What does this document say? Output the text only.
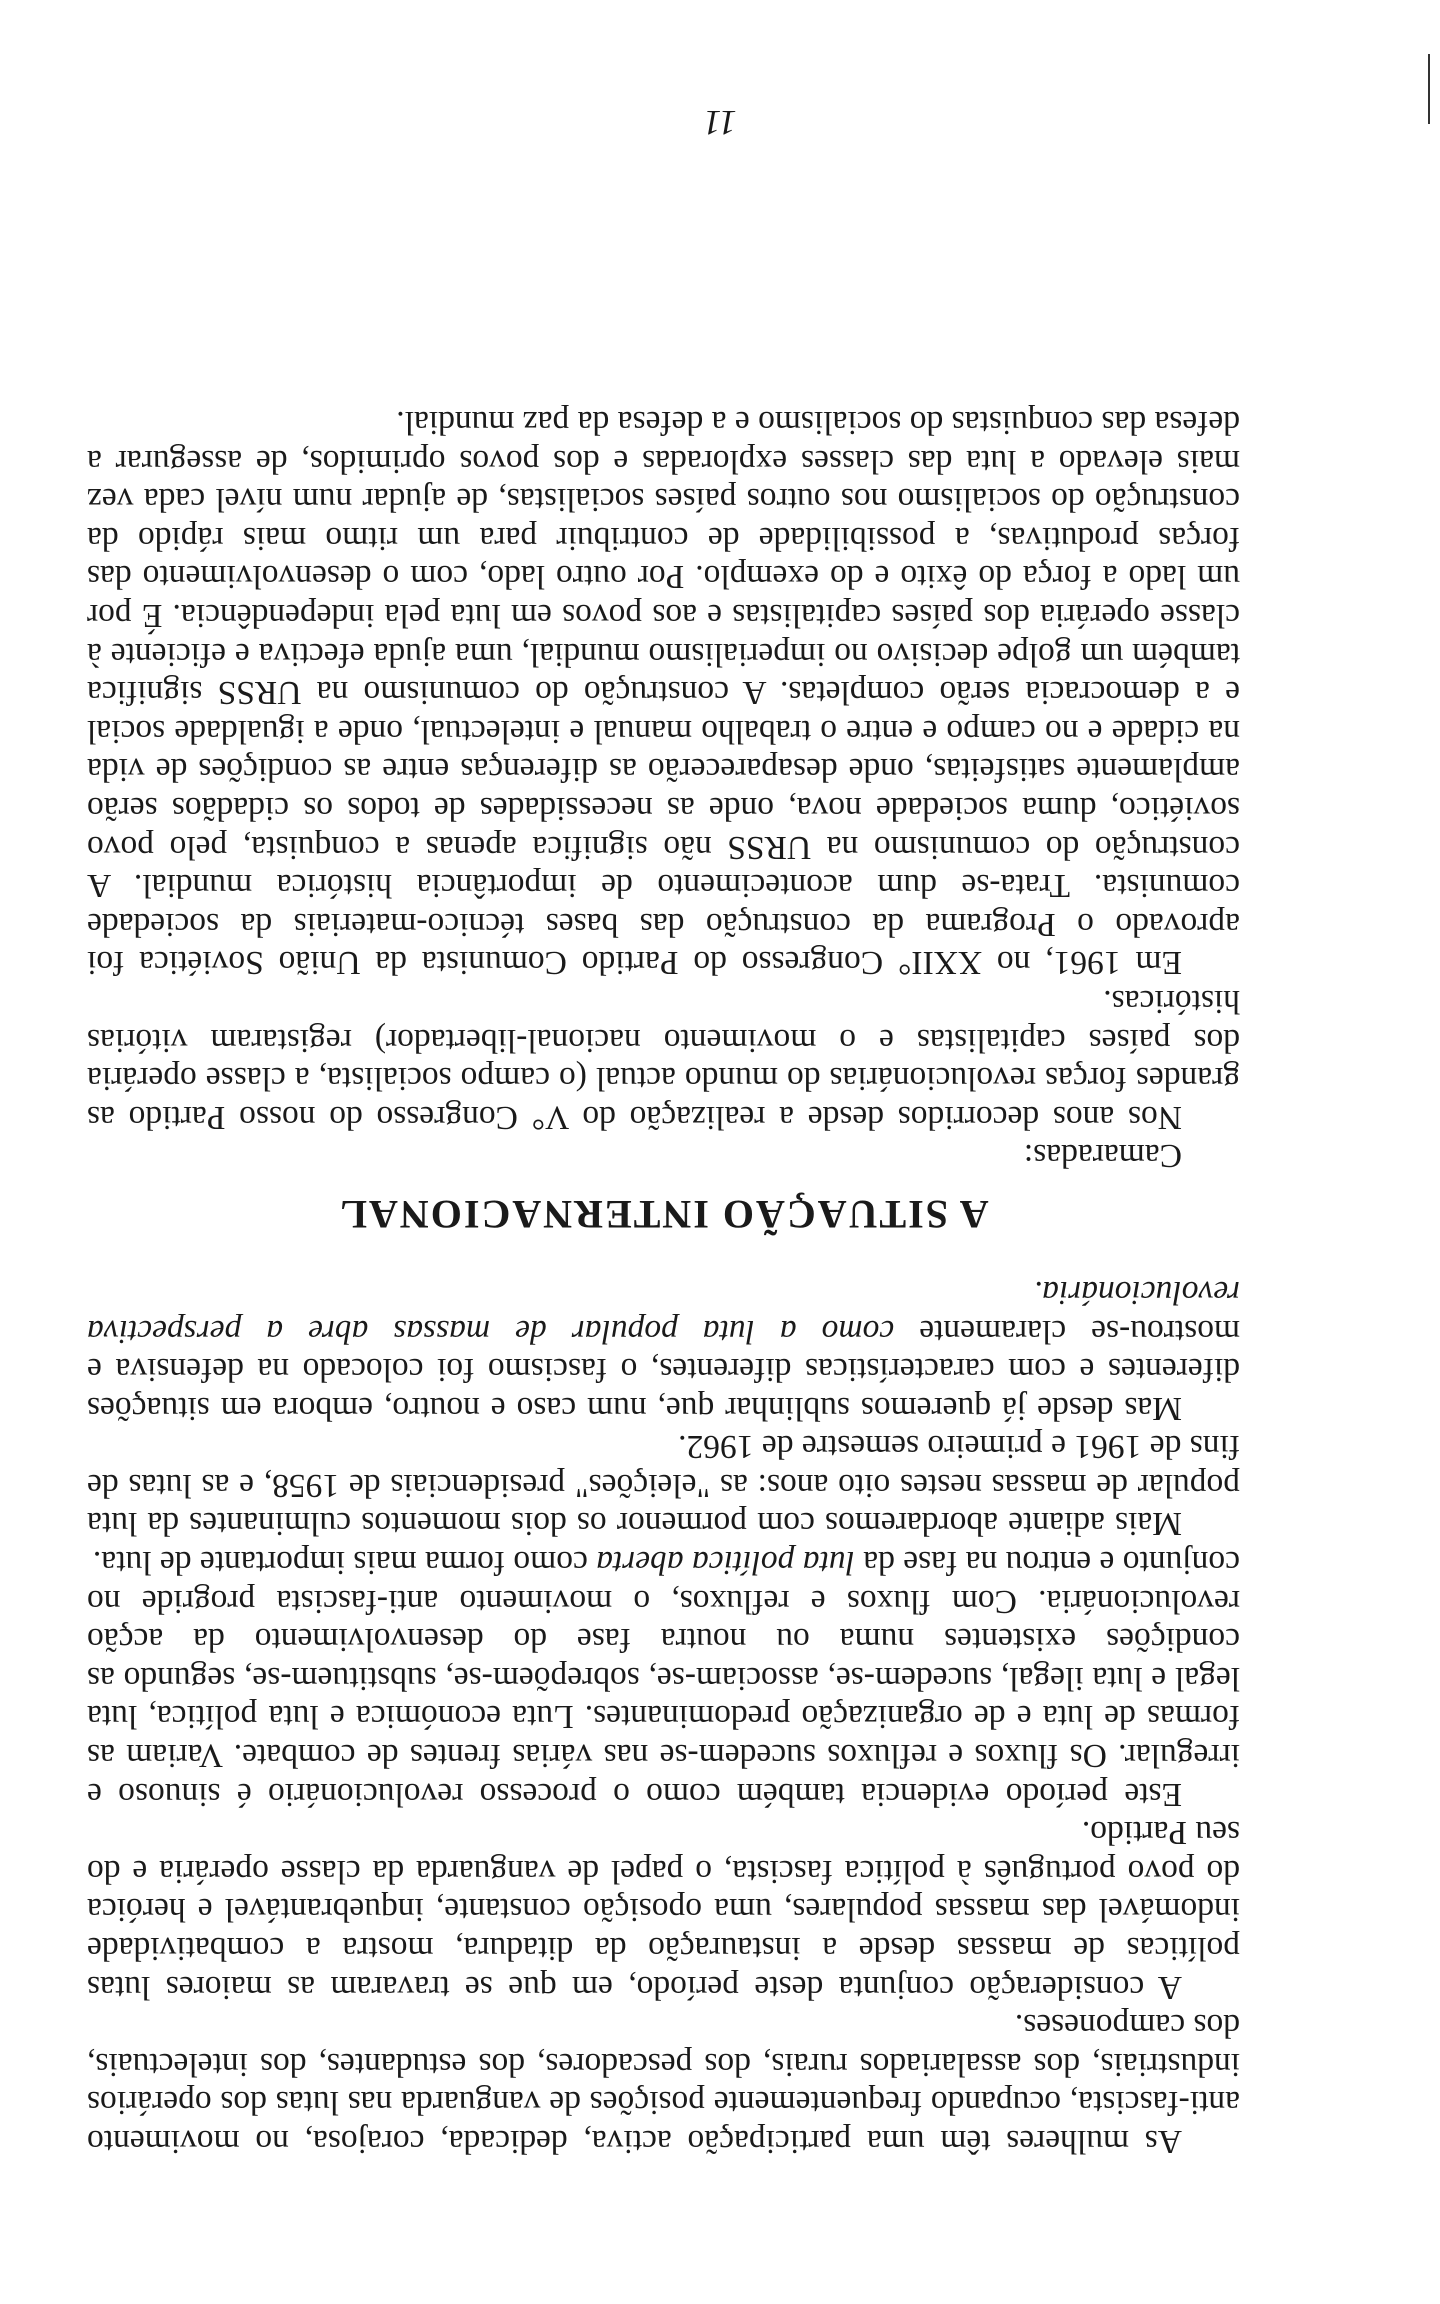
As mulheres têm uma participação activa, dedicada, corajosa, no movimento anti-fascista, ocupando frequentemente posições de vanguarda nas lutas dos operários industriais, dos assalariados rurais, dos pescadores, dos estudantes, dos intelectuais, dos camponeses.

A consideração conjunta deste período, em que se travaram as maiores lutas políticas de massas desde a instauração da ditadura, mostra a combatividade indomável das massas populares, uma oposição constante, inquebrantável e heróica do povo português à política fascista, o papel de vanguarda da classe operária e do seu Partido.

Este período evidencia também como o processo revolucionário é sinuoso e irregular. Os fluxos e refluxos sucedem-se nas várias frentes de combate. Variam as formas de luta e de organização predominantes. Luta económica e luta política, luta legal e luta ilegal, sucedem-se, associam-se, sobrepõem-se, substituem-se, segundo as condições existentes numa ou noutra fase do desenvolvimento da acção revolucionária. Com fluxos e refluxos, o movimento anti-fascista progride no conjunto e entrou na fase da luta política aberta como forma mais importante de luta.

Mais adiante abordaremos com pormenor os dois momentos culminantes da luta popular de massas nestes oito anos: as "eleições" presidenciais de 1958, e as lutas de fins de 1961 e primeiro semestre de 1962.

Mas desde já queremos sublinhar que, num caso e noutro, embora em situações diferentes e com características diferentes, o fascismo foi colocado na defensiva e mostrou-se claramente como a luta popular de massas abre a perspectiva revolucionária.

A SITUAÇÃO INTERNACIONAL

Camaradas:

Nos anos decorridos desde a realização do V° Congresso do nosso Partido as grandes forças revolucionárias do mundo actual (o campo socialista, a classe operária dos países capitalistas e o movimento nacional-libertador) registaram vitórias históricas.

Em 1961, no XXII° Congresso do Partido Comunista da União Soviética foi aprovado o Programa da construção das bases técnico-materiais da sociedade comunista. Trata-se dum acontecimento de importância histórica mundial. A construção do comunismo na URSS não significa apenas a conquista, pelo povo soviético, duma sociedade nova, onde as necessidades de todos os cidadãos serão amplamente satisfeitas, onde desaparecerão as diferenças entre as condições de vida na cidade e no campo e entre o trabalho manual e intelectual, onde a igualdade social e a democracia serão completas. A construção do comunismo na URSS significa também um golpe decisivo no imperialismo mundial, uma ajuda efectiva e eficiente à classe operária dos países capitalistas e aos povos em luta pela independência. É por um lado a força do êxito e do exemplo. Por outro lado, com o desenvolvimento das forças produtivas, a possibilidade de contribuir para um ritmo mais rápido da construção do socialismo nos outros países socialistas, de ajudar num nível cada vez mais elevado a luta das classes exploradas e dos povos oprimidos, de assegurar a defesa das conquistas do socialismo e a defesa da paz mundial.

11
